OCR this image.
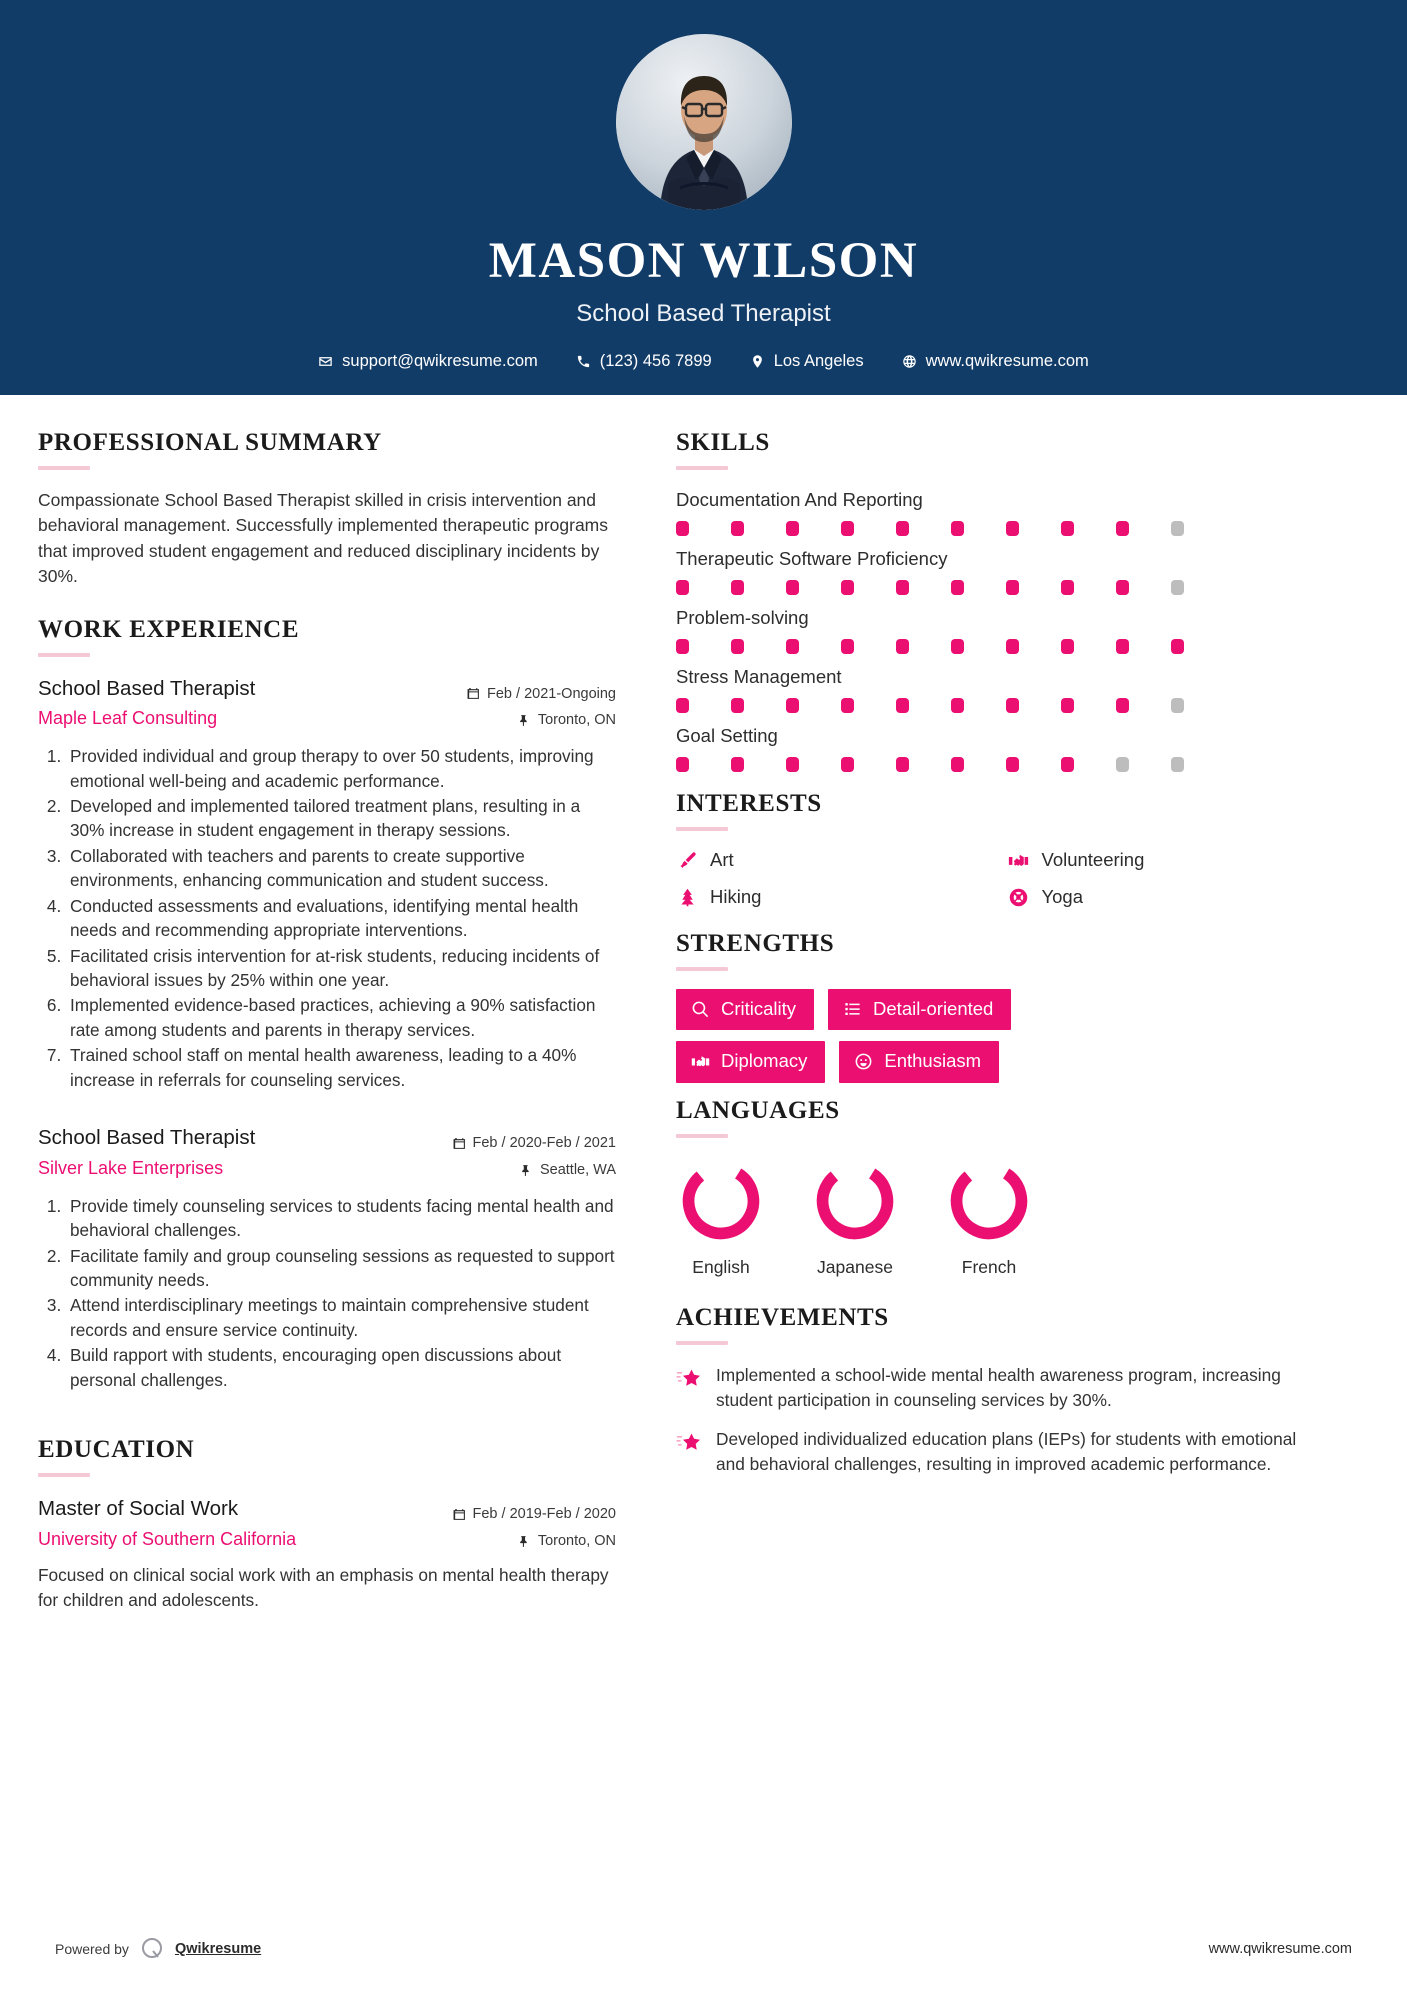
MASON WILSON
School Based Therapist
support@qwikresume.com	(123) 456 7899	Los Angeles	www.qwikresume.com
PROFESSIONAL SUMMARY
Compassionate School Based Therapist skilled in crisis intervention and behavioral management. Successfully implemented therapeutic programs that improved student engagement and reduced disciplinary incidents by 30%.
WORK EXPERIENCE
School Based Therapist
Maple Leaf Consulting
Feb / 2021-Ongoing
Toronto, ON
1. Provided individual and group therapy to over 50 students, improving emotional well-being and academic performance.
2. Developed and implemented tailored treatment plans, resulting in a 30% increase in student engagement in therapy sessions.
3. Collaborated with teachers and parents to create supportive environments, enhancing communication and student success.
4. Conducted assessments and evaluations, identifying mental health needs and recommending appropriate interventions.
5. Facilitated crisis intervention for at-risk students, reducing incidents of behavioral issues by 25% within one year.
6. Implemented evidence-based practices, achieving a 90% satisfaction rate among students and parents in therapy services.
7. Trained school staff on mental health awareness, leading to a 40% increase in referrals for counseling services.
School Based Therapist
Silver Lake Enterprises
Feb / 2020-Feb / 2021
Seattle, WA
1. Provide timely counseling services to students facing mental health and behavioral challenges.
2. Facilitate family and group counseling sessions as requested to support community needs.
3. Attend interdisciplinary meetings to maintain comprehensive student records and ensure service continuity.
4. Build rapport with students, encouraging open discussions about personal challenges.
EDUCATION
Master of Social Work
University of Southern California
Feb / 2019-Feb / 2020
Toronto, ON
Focused on clinical social work with an emphasis on mental health therapy for children and adolescents.
SKILLS
Documentation And Reporting
Therapeutic Software Proficiency
Problem-solving
Stress Management
Goal Setting
INTERESTS
Art	Volunteering
Hiking	Yoga
STRENGTHS
Criticality	Detail-oriented
Diplomacy	Enthusiasm
LANGUAGES
English	Japanese	French
ACHIEVEMENTS
Implemented a school-wide mental health awareness program, increasing student participation in counseling services by 30%.
Developed individualized education plans (IEPs) for students with emotional and behavioral challenges, resulting in improved academic performance.
Powered by	Qwikresume	www.qwikresume.com
